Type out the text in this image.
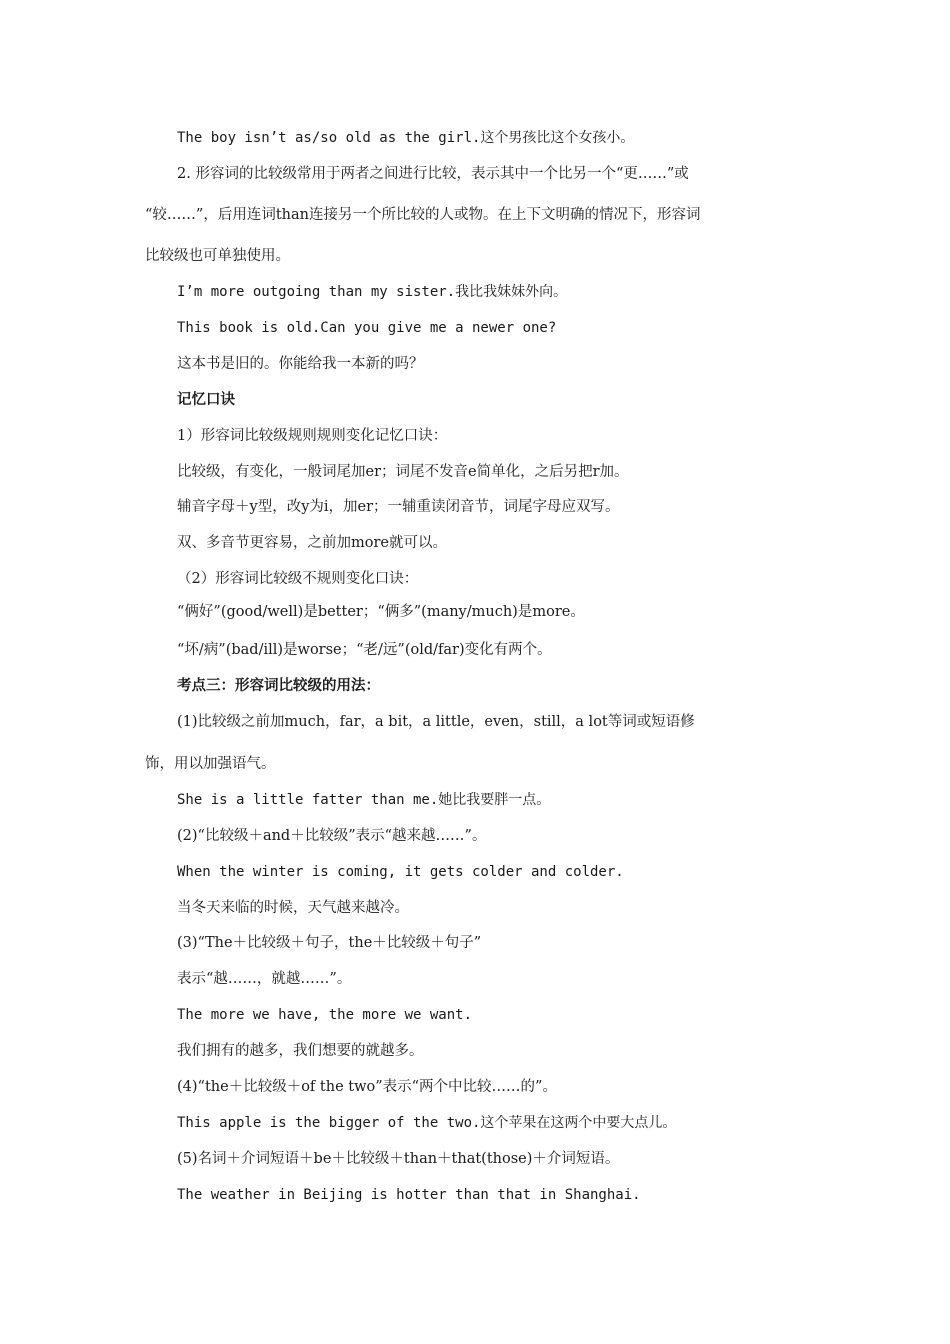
The boy isn’t as/so old as the girl.这个男孩比这个女孩小。
2. 形容词的比较级常用于两者之间进行比较，表示其中一个比另一个“更……”或
“较……”，后用连词than连接另一个所比较的人或物。在上下文明确的情况下，形容词
比较级也可单独使用。
I’m more outgoing than my sister.我比我妹妹外向。
This book is old.Can you give me a newer one?
这本书是旧的。你能给我一本新的吗？
记忆口诀
1）形容词比较级规则规则变化记忆口诀：
比较级，有变化，一般词尾加er；词尾不发音e简单化，之后另把r加。
辅音字母＋y型，改y为i，加er；一辅重读闭音节，词尾字母应双写。
双、多音节更容易，之前加more就可以。
（2）形容词比较级不规则变化口诀：
“俩好”(good/well)是better；“俩多”(many/much)是more。
“坏/病”(bad/ill)是worse；“老/远”(old/far)变化有两个。
考点三：形容词比较级的用法：
(1)比较级之前加much，far，a bit，a little，even，still，a lot等词或短语修
饰，用以加强语气。
She is a little fatter than me.她比我要胖一点。
(2)“比较级＋and＋比较级”表示“越来越……”。
When the winter is coming, it gets colder and colder.
当冬天来临的时候，天气越来越冷。
(3)“The＋比较级＋句子，the＋比较级＋句子”
表示“越……，就越……”。
The more we have, the more we want.
我们拥有的越多，我们想要的就越多。
(4)“the＋比较级＋of the two”表示“两个中比较……的”。
This apple is the bigger of the two.这个苹果在这两个中要大点儿。
(5)名词＋介词短语＋be＋比较级＋than＋that(those)＋介词短语。
The weather in Beijing is hotter than that in Shanghai.
